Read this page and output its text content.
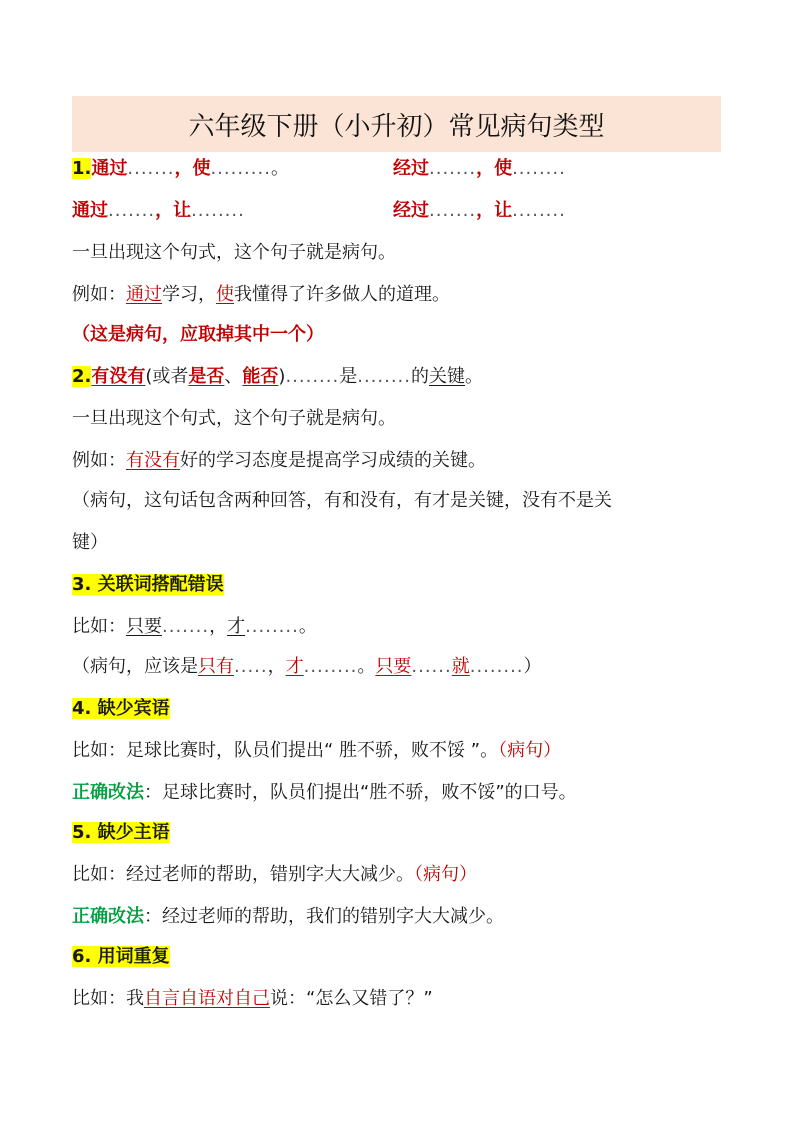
六年级下册（小升初）常见病句类型
1.通过.......，使.........。	经过.......，使........
通过.......，让........	经过.......，让........
一旦出现这个句式，这个句子就是病句。
例如：通过学习，使我懂得了许多做人的道理。
（这是病句，应取掉其中一个）
2.有没有(或者是否、能否)........是........的关键。
一旦出现这个句式，这个句子就是病句。
例如：有没有好的学习态度是提高学习成绩的关键。
（病句，这句话包含两种回答，有和没有，有才是关键，没有不是关
键）
3. 关联词搭配错误
比如：只要.......，才........。
（病句，应该是只有.....，才........。只要......就........）
4. 缺少宾语
比如：足球比赛时，队员们提出“ 胜不骄，败不馁 ”。（病句）
正确改法：足球比赛时，队员们提出“胜不骄，败不馁”的口号。
5. 缺少主语
比如：经过老师的帮助，错别字大大减少。（病句）
正确改法：经过老师的帮助，我们的错别字大大减少。
6. 用词重复
比如：我自言自语对自己说：“怎么又错了？”
